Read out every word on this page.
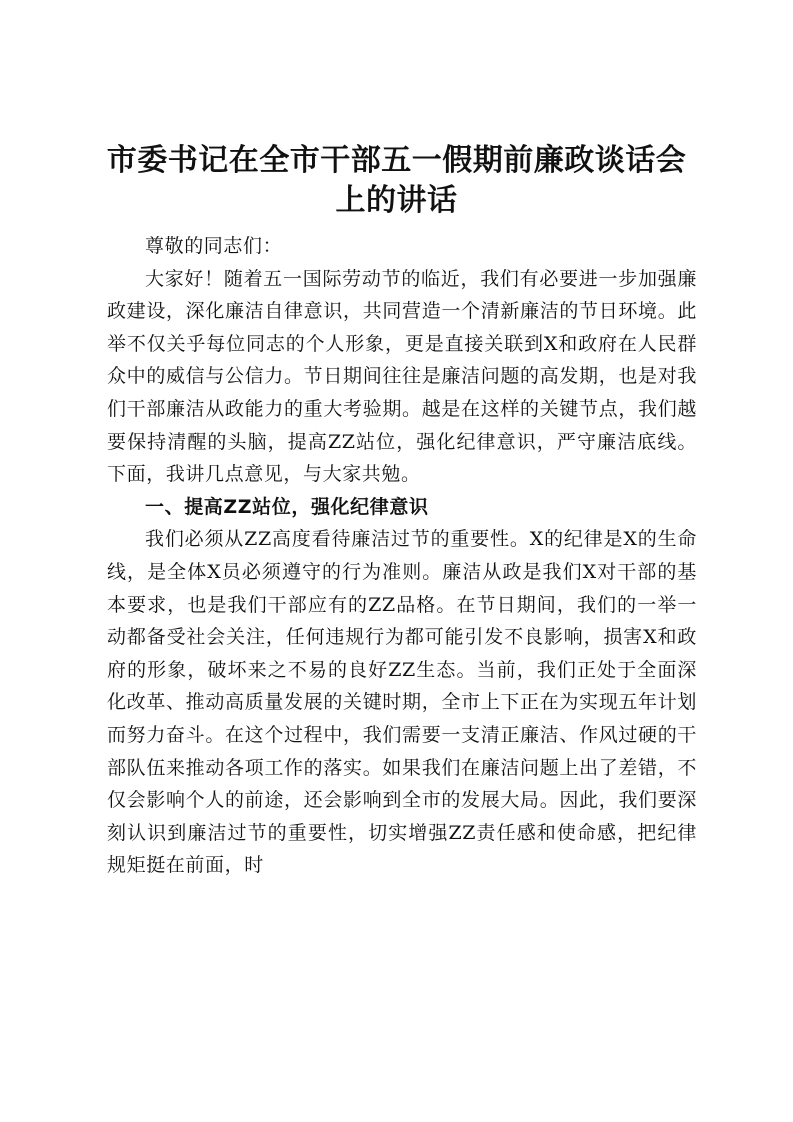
市委书记在全市干部五一假期前廉政谈话会上的讲话

尊敬的同志们：

大家好！随着五一国际劳动节的临近，我们有必要进一步加强廉政建设，深化廉洁自律意识，共同营造一个清新廉洁的节日环境。此举不仅关乎每位同志的个人形象，更是直接关联到X和政府在人民群众中的威信与公信力。节日期间往往是廉洁问题的高发期，也是对我们干部廉洁从政能力的重大考验期。越是在这样的关键节点，我们越要保持清醒的头脑，提高ZZ站位，强化纪律意识，严守廉洁底线。下面，我讲几点意见，与大家共勉。

一、提高ZZ站位，强化纪律意识

我们必须从ZZ高度看待廉洁过节的重要性。X的纪律是X的生命线，是全体X员必须遵守的行为准则。廉洁从政是我们X对干部的基本要求，也是我们干部应有的ZZ品格。在节日期间，我们的一举一动都备受社会关注，任何违规行为都可能引发不良影响，损害X和政府的形象，破坏来之不易的良好ZZ生态。当前，我们正处于全面深化改革、推动高质量发展的关键时期，全市上下正在为实现五年计划而努力奋斗。在这个过程中，我们需要一支清正廉洁、作风过硬的干部队伍来推动各项工作的落实。如果我们在廉洁问题上出了差错，不仅会影响个人的前途，还会影响到全市的发展大局。因此，我们要深刻认识到廉洁过节的重要性，切实增强ZZ责任感和使命感，把纪律规矩挺在前面，时
